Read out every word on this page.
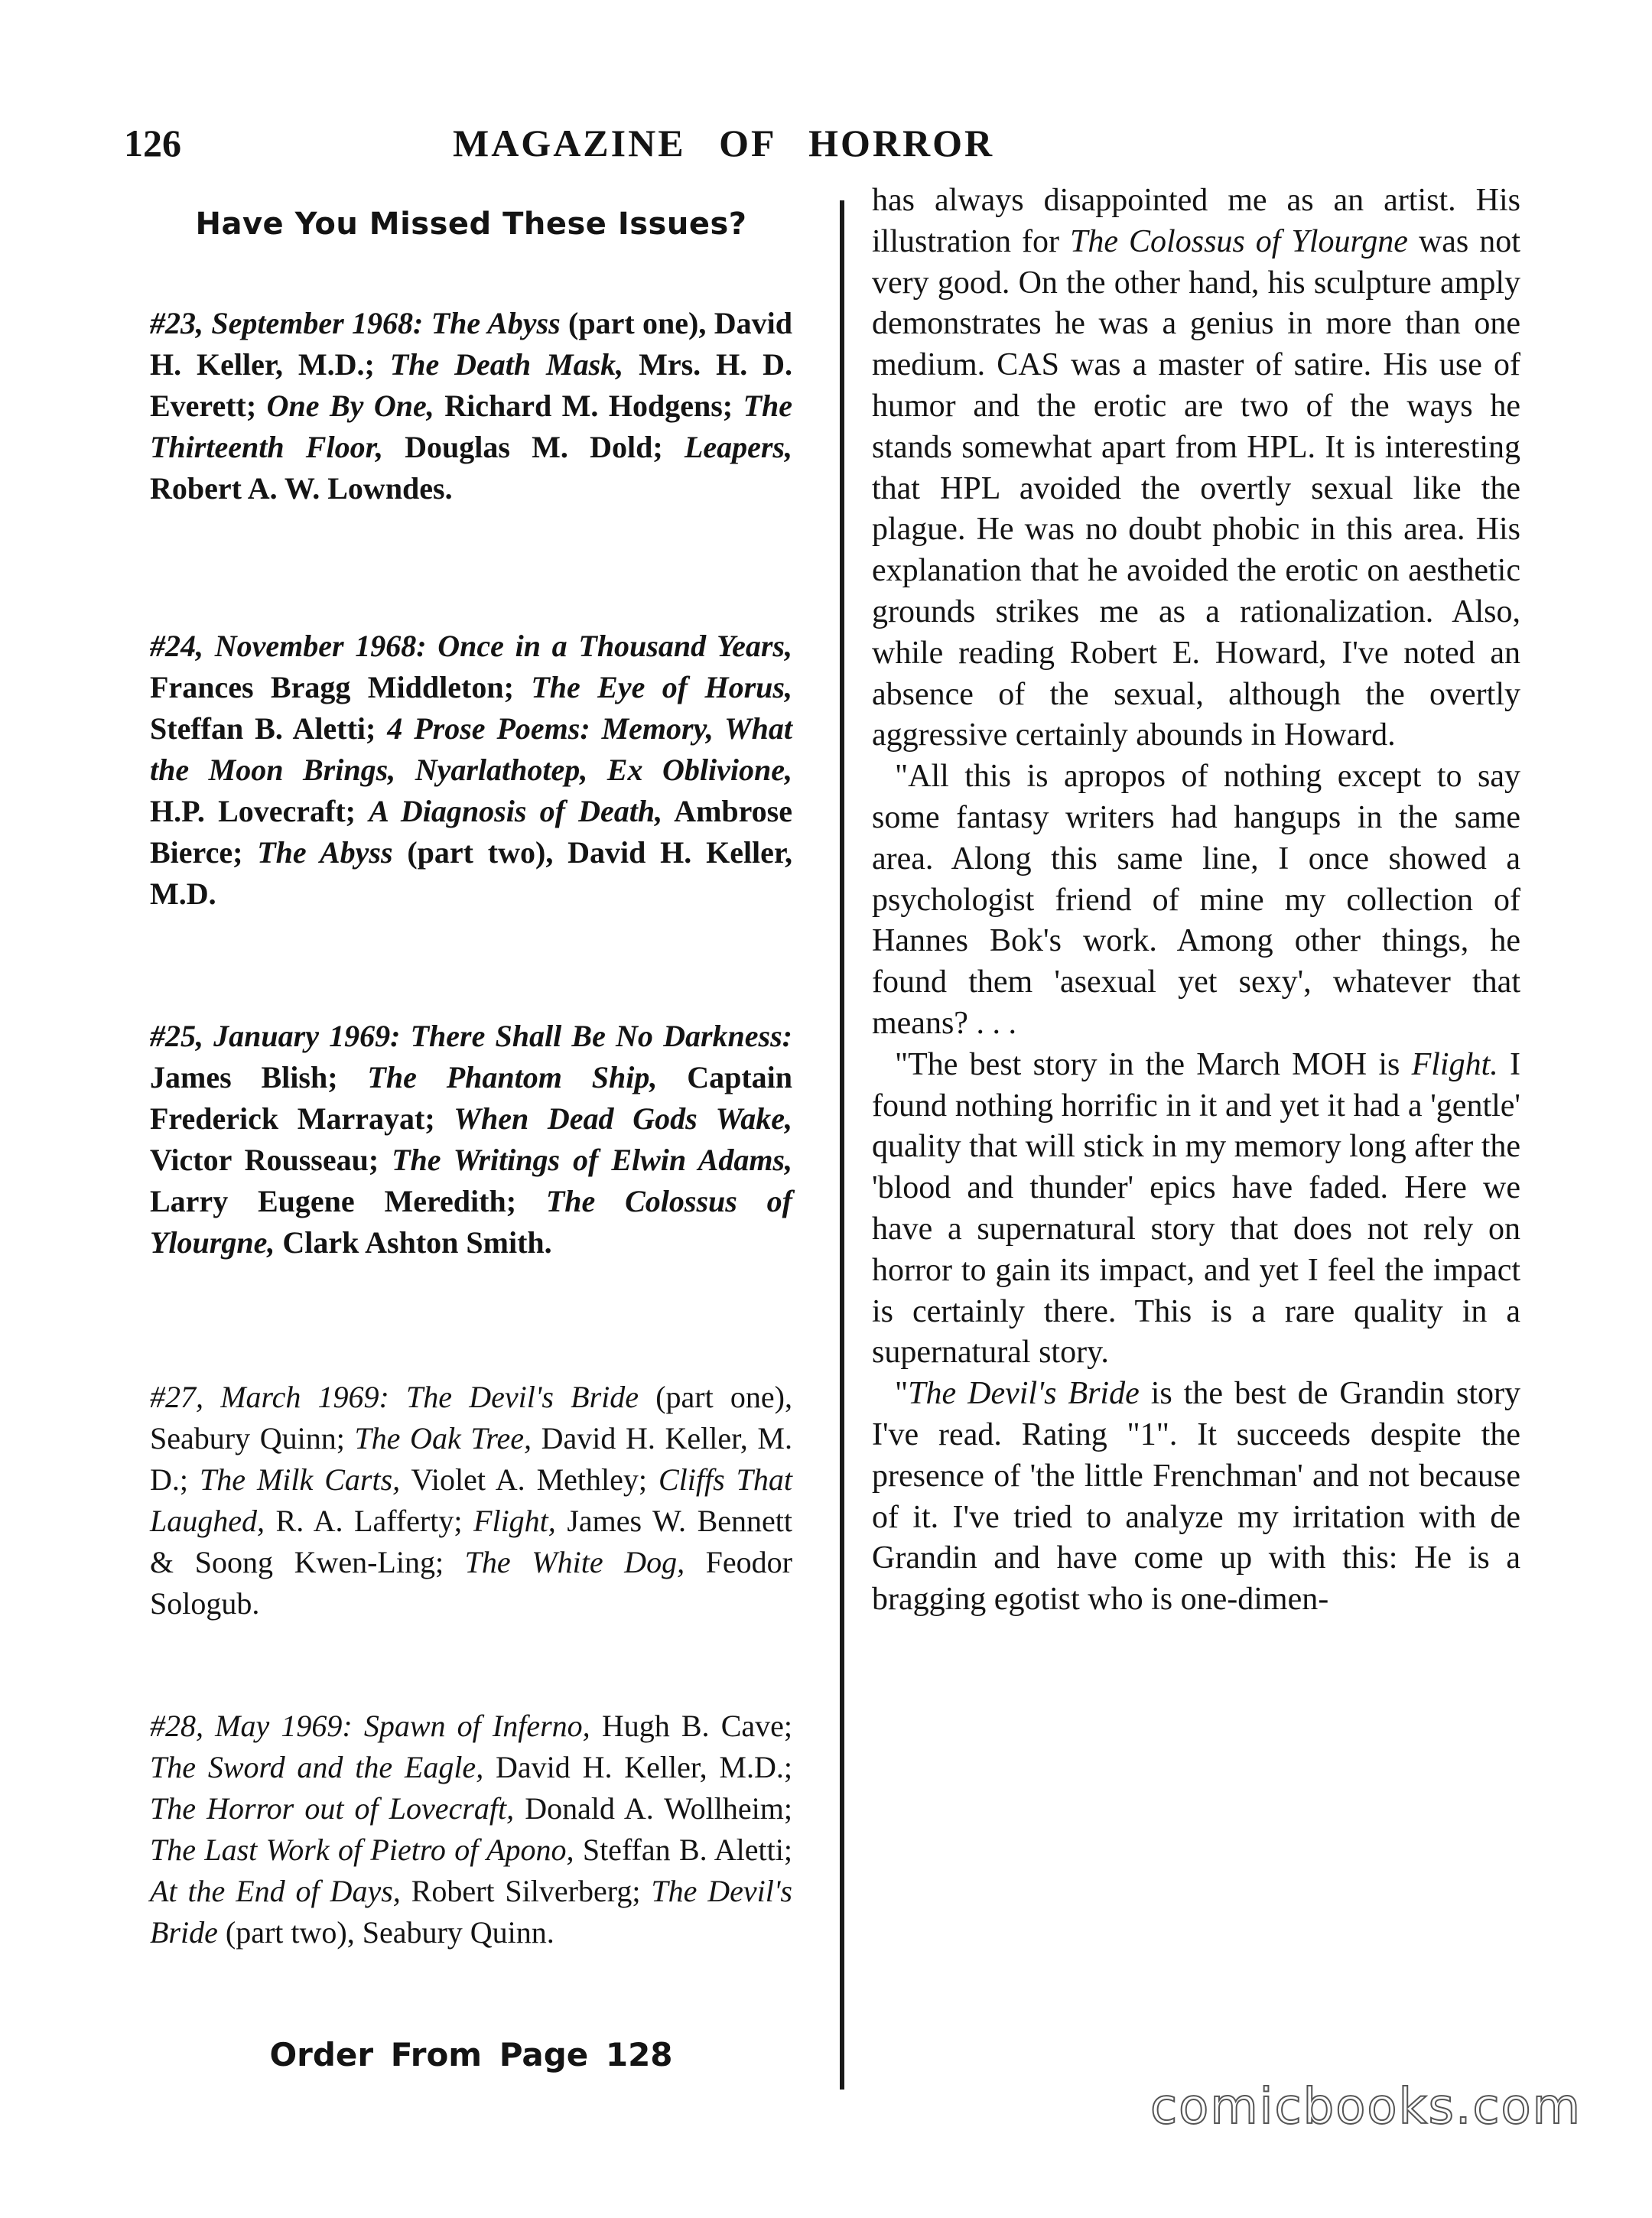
126	MAGAZINE OF HORROR
Have You Missed These Issues?
#23, September 1968: The Abyss (part one), David H. Keller, M.D.; The Death Mask, Mrs. H. D. Everett; One By One, Richard M. Hodgens; The Thirteenth Floor, Douglas M. Dold; Leapers, Robert A. W. Lowndes.
#24, November 1968: Once in a Thousand Years, Frances Bragg Middleton; The Eye of Horus, Steffan B. Aletti; 4 Prose Poems: Memory, What the Moon Brings, Nyarlathotep, Ex Oblivione, H.P. Lovecraft; A Diagnosis of Death, Ambrose Bierce; The Abyss (part two), David H. Keller, M.D.
#25, January 1969: There Shall Be No Darkness: James Blish; The Phantom Ship, Captain Frederick Marrayat; When Dead Gods Wake, Victor Rousseau; The Writings of Elwin Adams, Larry Eugene Meredith; The Colossus of Ylourgne, Clark Ashton Smith.
#27, March 1969: The Devil's Bride (part one), Seabury Quinn; The Oak Tree, David H. Keller, M. D.; The Milk Carts, Violet A. Methley; Cliffs That Laughed, R. A. Lafferty; Flight, James W. Bennett & Soong Kwen-Ling; The White Dog, Feodor Sologub.
#28, May 1969: Spawn of Inferno, Hugh B. Cave; The Sword and the Eagle, David H. Keller, M.D.; The Horror out of Lovecraft, Donald A. Wollheim; The Last Work of Pietro of Apono, Steffan B. Aletti; At the End of Days, Robert Silverberg; The Devil's Bride (part two), Seabury Quinn.
Order From Page 128

has always disappointed me as an artist. His illustration for The Colossus of Ylourgne was not very good. On the other hand, his sculpture amply demonstrates he was a genius in more than one medium. CAS was a master of satire. His use of humor and the erotic are two of the ways he stands somewhat apart from HPL. It is interesting that HPL avoided the overtly sexual like the plague. He was no doubt phobic in this area. His explanation that he avoided the erotic on aesthetic grounds strikes me as a rationalization. Also, while reading Robert E. Howard, I've noted an absence of the sexual, although the overtly aggressive certainly abounds in Howard.

"All this is apropos of nothing except to say some fantasy writers had hangups in the same area. Along this same line, I once showed a psychologist friend of mine my collection of Hannes Bok's work. Among other things, he found them 'asexual yet sexy', whatever that means? . . .

"The best story in the March MOH is Flight. I found nothing horrific in it and yet it had a 'gentle' quality that will stick in my memory long after the 'blood and thunder' epics have faded. Here we have a supernatural story that does not rely on horror to gain its impact, and yet I feel the impact is certainly there. This is a rare quality in a supernatural story.

"The Devil's Bride is the best de Grandin story I've read. Rating "1". It succeeds despite the presence of 'the little Frenchman' and not because of it. I've tried to analyze my irritation with de Grandin and have come up with this: He is a bragging egotist who is one-dimen-

comicbooks.com
